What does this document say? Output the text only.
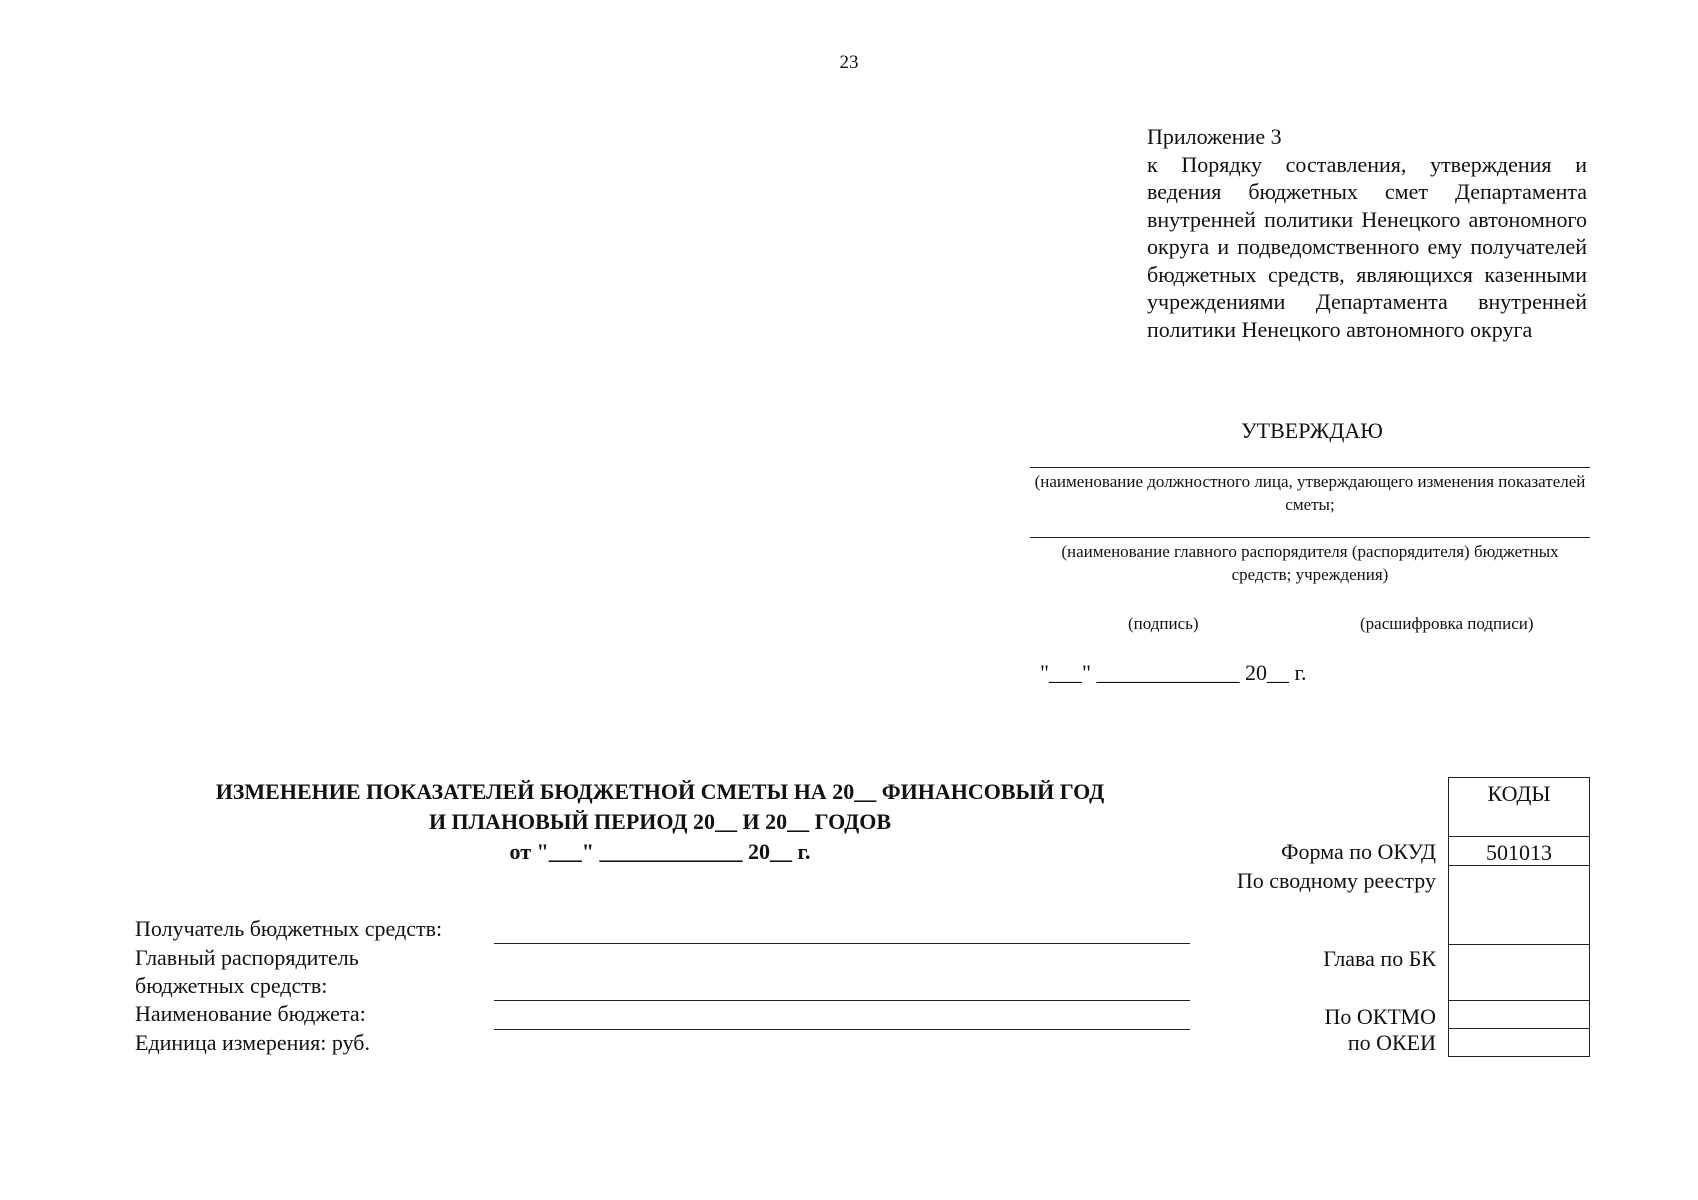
23
Приложение 3
к Порядку составления, утверждения и ведения бюджетных смет Департамента внутренней политики Ненецкого автономного округа и подведомственного ему получателей бюджетных средств, являющихся казенными учреждениями Департамента внутренней политики Ненецкого автономного округа
УТВЕРЖДАЮ
(наименование должностного лица, утверждающего изменения показателей сметы;
(наименование главного распорядителя (распорядителя) бюджетных средств; учреждения)
(подпись)	(расшифровка подписи)
"___" _____________ 20__ г.
ИЗМЕНЕНИЕ ПОКАЗАТЕЛЕЙ БЮДЖЕТНОЙ СМЕТЫ НА 20__ ФИНАНСОВЫЙ ГОД
И ПЛАНОВЫЙ ПЕРИОД 20__ И 20__ ГОДОВ
от "___" _____________ 20__ г.
Получатель бюджетных средств:
Главный распорядитель
бюджетных средств:
Наименование бюджета:
Единица измерения: руб.
Форма по ОКУД
По сводному реестру
Глава по БК
По ОКТМО
по ОКЕИ
КОДЫ
501013
